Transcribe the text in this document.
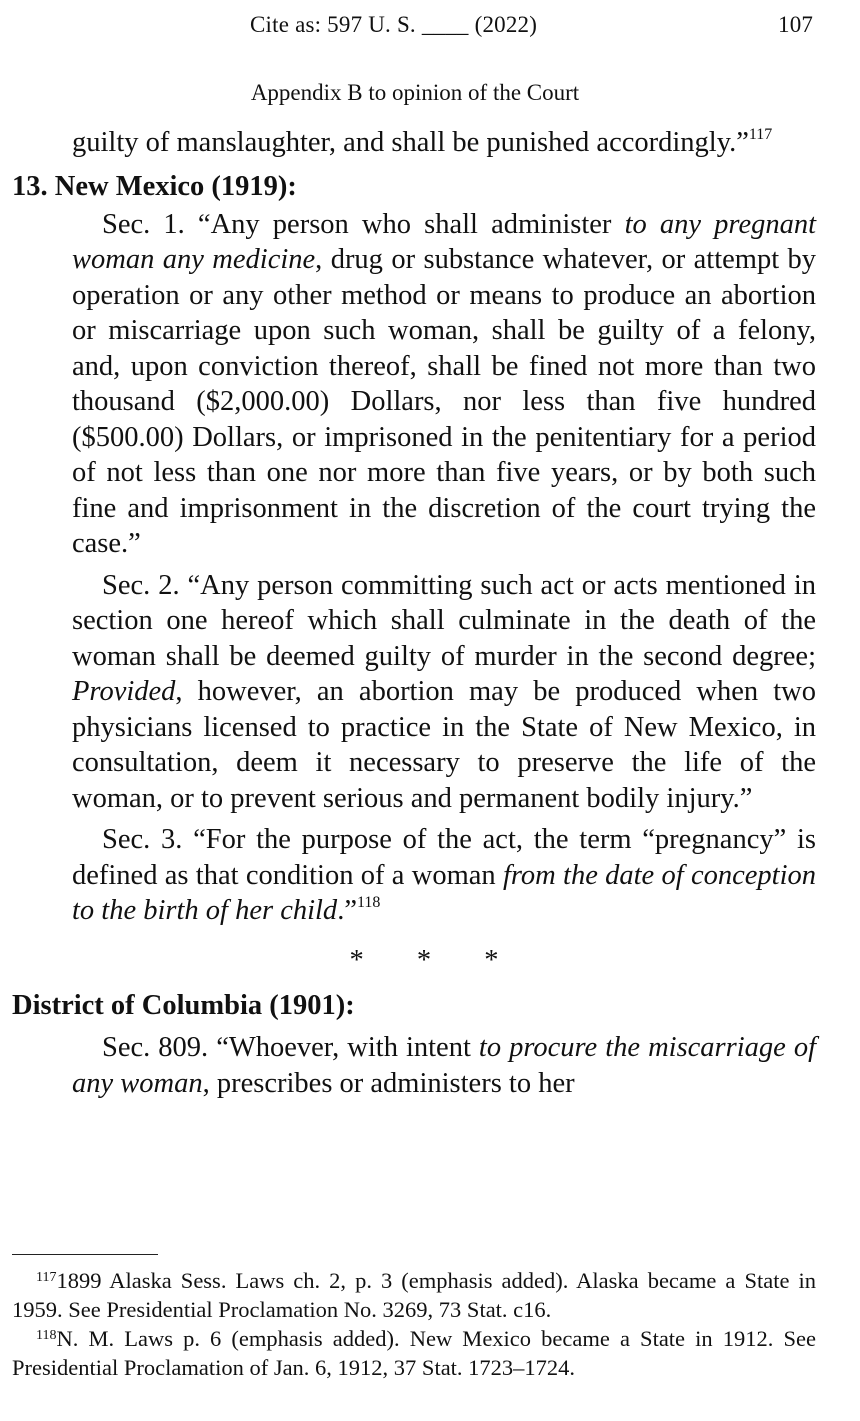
Cite as: 597 U. S. ____ (2022)	107
Appendix B to opinion of the Court

guilty of manslaughter, and shall be punished accordingly.”$^{117}$

13. New Mexico (1919):

Sec. 1. “Any person who shall administer to any pregnant woman any medicine, drug or substance whatever, or attempt by operation or any other method or means to produce an abortion or miscarriage upon such woman, shall be guilty of a felony, and, upon conviction thereof, shall be fined not more than two thousand ($2,000.00) Dollars, nor less than five hundred ($500.00) Dollars, or imprisoned in the penitentiary for a period of not less than one nor more than five years, or by both such fine and imprisonment in the discretion of the court trying the case.”

Sec. 2. “Any person committing such act or acts mentioned in section one hereof which shall culminate in the death of the woman shall be deemed guilty of murder in the second degree; Provided, however, an abortion may be produced when two physicians licensed to practice in the State of New Mexico, in consultation, deem it necessary to preserve the life of the woman, or to prevent serious and permanent bodily injury.”

Sec. 3. “For the purpose of the act, the term “pregnancy” is defined as that condition of a woman from the date of conception to the birth of her child.”$^{118}$

* * *
District of Columbia (1901):

Sec. 809. “Whoever, with intent to procure the miscarriage of any woman, prescribes or administers to her

$^{117}$1899 Alaska Sess. Laws ch. 2, p. 3 (emphasis added). Alaska became a State in 1959. See Presidential Proclamation No. 3269, 73 Stat. c16.

$^{118}$N. M. Laws p. 6 (emphasis added). New Mexico became a State in 1912. See Presidential Proclamation of Jan. 6, 1912, 37 Stat. 1723–1724.
